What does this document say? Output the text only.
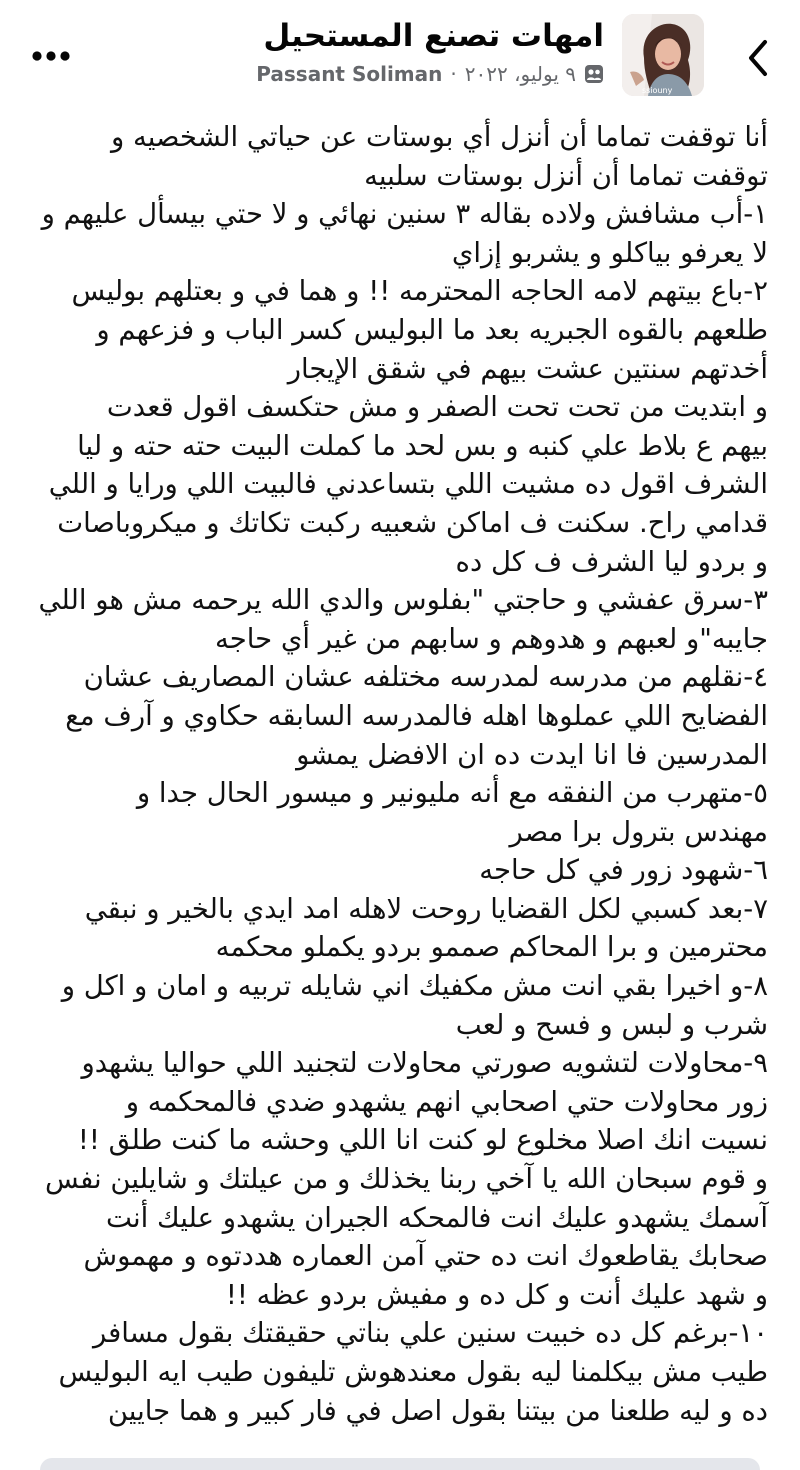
ssiouny
امهات تصنع المستحيل
٩ يوليو، ٢٠٢٢
·
Passant Soliman

أنا توقفت تماما أن أنزل أي بوستات عن حياتي الشخصيه و

توقفت تماما أن أنزل بوستات سلبيه

١-أب مشافش ولاده بقاله ٣ سنين نهائي و لا حتي بيسأل عليهم و

لا يعرفو بياكلو و يشربو إزاي

٢-باع بيتهم لامه الحاجه المحترمه !! و هما في و بعتلهم بوليس

طلعهم بالقوه الجبريه بعد ما البوليس كسر الباب و فزعهم و

أخدتهم سنتين عشت بيهم في شقق الإيجار

و ابتديت من تحت تحت الصفر و مش حتكسف اقول قعدت

بيهم ع بلاط علي كنبه و بس لحد ما كملت البيت حته حته و ليا

الشرف اقول ده مشيت اللي بتساعدني فالبيت اللي ورايا و اللي

قدامي راح. سكنت ف اماكن شعبيه ركبت تكاتك و ميكروباصات

و بردو ليا الشرف ف كل ده

٣-سرق عفشي و حاجتي "بفلوس والدي الله يرحمه مش هو اللي

جايبه"و لعبهم و هدوهم و سابهم من غير أي حاجه

٤-نقلهم من مدرسه لمدرسه مختلفه عشان المصاريف عشان

الفضايح اللي عملوها اهله فالمدرسه السابقه حكاوي و آرف مع

المدرسين فا انا ايدت ده ان الافضل يمشو

٥-متهرب من النفقه مع أنه مليونير و ميسور الحال جدا و

مهندس بترول برا مصر

٦-شهود زور في كل حاجه

٧-بعد كسبي لكل القضايا روحت لاهله امد ايدي بالخير و نبقي

محترمين و برا المحاكم صممو بردو يكملو محكمه

٨-و اخيرا بقي انت مش مكفيك اني شايله تربيه و امان و اكل و

شرب و لبس و فسح و لعب

٩-محاولات لتشويه صورتي محاولات لتجنيد اللي حواليا يشهدو

زور محاولات حتي اصحابي انهم يشهدو ضدي فالمحكمه و

نسيت انك اصلا مخلوع لو كنت انا اللي وحشه ما كنت طلق !!

و قوم سبحان الله يا آخي ربنا يخذلك و من عيلتك و شايلين نفس

آسمك يشهدو عليك انت فالمحكه الجيران يشهدو عليك أنت

صحابك يقاطعوك انت ده حتي آمن العماره هددتوه و مهموش

و شهد عليك أنت و كل ده و مفيش بردو عظه !!

١٠-برغم كل ده خبيت سنين علي بناتي حقيقتك بقول مسافر

طيب مش بيكلمنا ليه بقول معندهوش تليفون طيب ايه البوليس

ده و ليه طلعنا من بيتنا بقول اصل في فار كبير و هما جايين
